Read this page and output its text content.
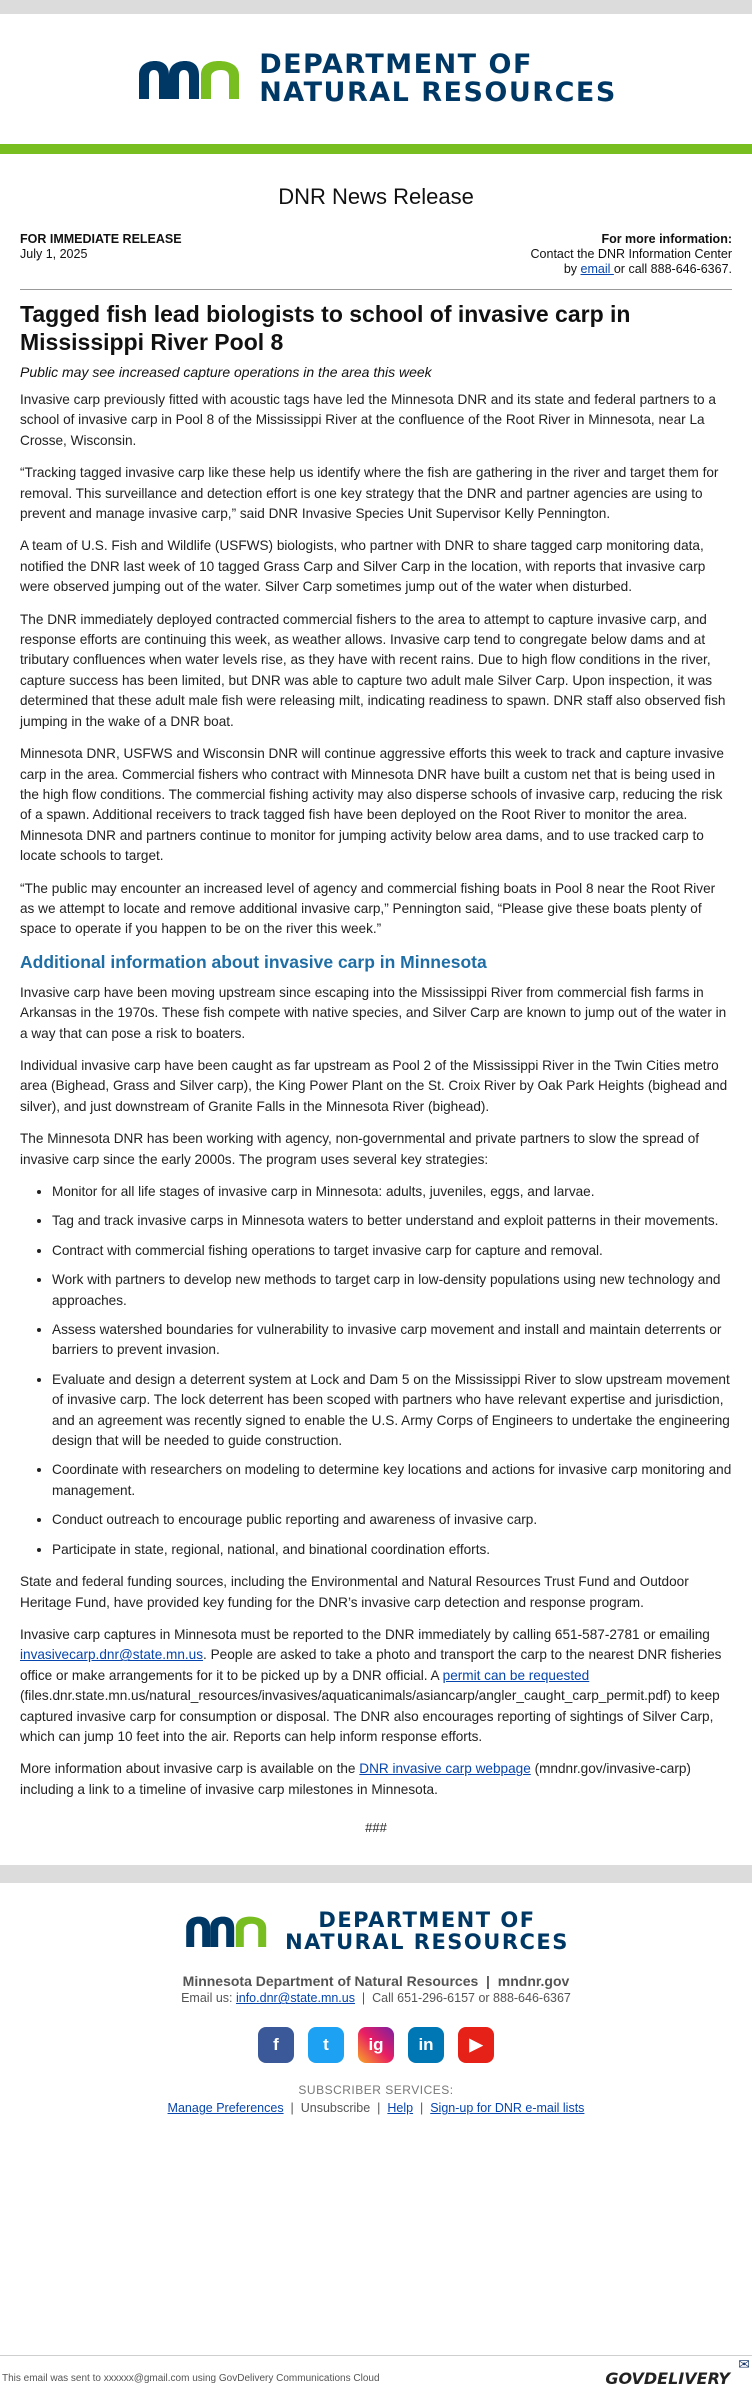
DEPARTMENT OF
NATURAL RESOURCES
DNR News Release
FOR IMMEDIATE RELEASE
July 1, 2025
For more information:
Contact the DNR Information Center
by email or call 888-646-6367.
Tagged fish lead biologists to school of invasive carp in Mississippi River Pool 8
Public may see increased capture operations in the area this week

Invasive carp previously fitted with acoustic tags have led the Minnesota DNR and its state and federal partners to a school of invasive carp in Pool 8 of the Mississippi River at the confluence of the Root River in Minnesota, near La Crosse, Wisconsin.

“Tracking tagged invasive carp like these help us identify where the fish are gathering in the river and target them for removal. This surveillance and detection effort is one key strategy that the DNR and partner agencies are using to prevent and manage invasive carp,” said DNR Invasive Species Unit Supervisor Kelly Pennington.

A team of U.S. Fish and Wildlife (USFWS) biologists, who partner with DNR to share tagged carp monitoring data, notified the DNR last week of 10 tagged Grass Carp and Silver Carp in the location, with reports that invasive carp were observed jumping out of the water. Silver Carp sometimes jump out of the water when disturbed.

The DNR immediately deployed contracted commercial fishers to the area to attempt to capture invasive carp, and response efforts are continuing this week, as weather allows. Invasive carp tend to congregate below dams and at tributary confluences when water levels rise, as they have with recent rains. Due to high flow conditions in the river, capture success has been limited, but DNR was able to capture two adult male Silver Carp. Upon inspection, it was determined that these adult male fish were releasing milt, indicating readiness to spawn. DNR staff also observed fish jumping in the wake of a DNR boat.

Minnesota DNR, USFWS and Wisconsin DNR will continue aggressive efforts this week to track and capture invasive carp in the area. Commercial fishers who contract with Minnesota DNR have built a custom net that is being used in the high flow conditions. The commercial fishing activity may also disperse schools of invasive carp, reducing the risk of a spawn. Additional receivers to track tagged fish have been deployed on the Root River to monitor the area. Minnesota DNR and partners continue to monitor for jumping activity below area dams, and to use tracked carp to locate schools to target.

“The public may encounter an increased level of agency and commercial fishing boats in Pool 8 near the Root River as we attempt to locate and remove additional invasive carp,” Pennington said, “Please give these boats plenty of space to operate if you happen to be on the river this week.”

Additional information about invasive carp in Minnesota

Invasive carp have been moving upstream since escaping into the Mississippi River from commercial fish farms in Arkansas in the 1970s. These fish compete with native species, and Silver Carp are known to jump out of the water in a way that can pose a risk to boaters.

Individual invasive carp have been caught as far upstream as Pool 2 of the Mississippi River in the Twin Cities metro area (Bighead, Grass and Silver carp), the King Power Plant on the St. Croix River by Oak Park Heights (bighead and silver), and just downstream of Granite Falls in the Minnesota River (bighead).

The Minnesota DNR has been working with agency, non-governmental and private partners to slow the spread of invasive carp since the early 2000s. The program uses several key strategies:

• Monitor for all life stages of invasive carp in Minnesota: adults, juveniles, eggs, and larvae.
• Tag and track invasive carps in Minnesota waters to better understand and exploit patterns in their movements.
• Contract with commercial fishing operations to target invasive carp for capture and removal.
• Work with partners to develop new methods to target carp in low-density populations using new technology and approaches.
• Assess watershed boundaries for vulnerability to invasive carp movement and install and maintain deterrents or barriers to prevent invasion.
• Evaluate and design a deterrent system at Lock and Dam 5 on the Mississippi River to slow upstream movement of invasive carp. The lock deterrent has been scoped with partners who have relevant expertise and jurisdiction, and an agreement was recently signed to enable the U.S. Army Corps of Engineers to undertake the engineering design that will be needed to guide construction.
• Coordinate with researchers on modeling to determine key locations and actions for invasive carp monitoring and management.
• Conduct outreach to encourage public reporting and awareness of invasive carp.
• Participate in state, regional, national, and binational coordination efforts.

State and federal funding sources, including the Environmental and Natural Resources Trust Fund and Outdoor Heritage Fund, have provided key funding for the DNR’s invasive carp detection and response program.

Invasive carp captures in Minnesota must be reported to the DNR immediately by calling 651-587-2781 or emailing invasivecarp.dnr@state.mn.us. People are asked to take a photo and transport the carp to the nearest DNR fisheries office or make arrangements for it to be picked up by a DNR official. A permit can be requested (files.dnr.state.mn.us/natural_resources/invasives/aquaticanimals/asiancarp/angler_caught_carp_permit.pdf) to keep captured invasive carp for consumption or disposal. The DNR also encourages reporting of sightings of Silver Carp, which can jump 10 feet into the air. Reports can help inform response efforts.

More information about invasive carp is available on the DNR invasive carp webpage (mndnr.gov/invasive-carp) including a link to a timeline of invasive carp milestones in Minnesota.

###
DEPARTMENT OF
NATURAL RESOURCES
Minnesota Department of Natural Resources  |  mndnr.gov
Email us: info.dnr@state.mn.us  |  Call 651-296-6157 or 888-646-6367
f	t	ig	in	▶
SUBSCRIBER SERVICES:
Manage Preferences  |  Unsubscribe  |  Help  |  Sign-up for DNR e-mail lists
This email was sent to xxxxxx@gmail.com using GovDelivery Communications Cloud	GOVDELIVERY
✉
